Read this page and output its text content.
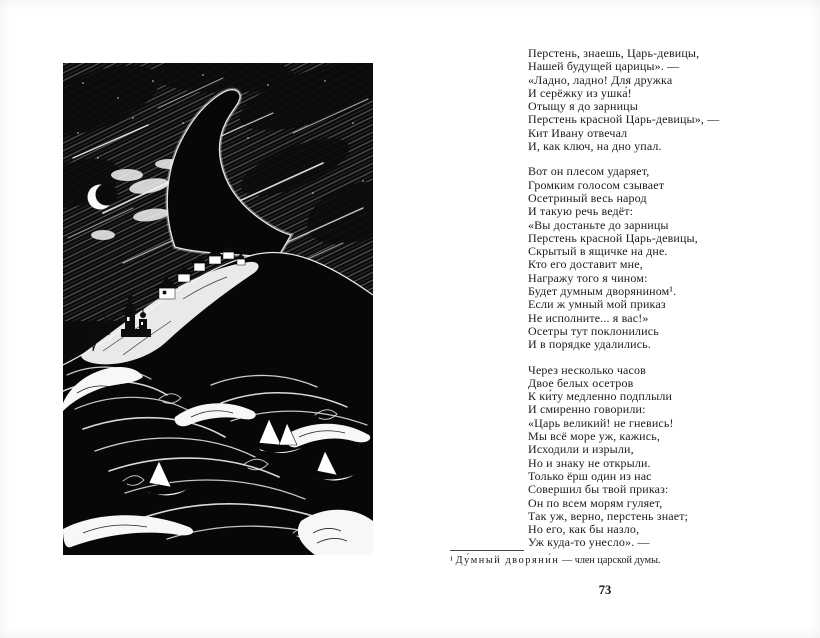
Перстень, знаешь, Царь-девицы,
Нашей будущей царицы». —
«Ладно, ладно! Для дружка
И серёжку из ушка́!
Отыщу я до зарницы
Перстень красной Царь-девицы», —
Кит Ивану отвечал
И, как ключ, на дно упал.
Вот он плесом ударяет,
Громким голосом сзывает
Осетриный весь народ
И такую речь ведёт:
«Вы достаньте до зарницы
Перстень красной Царь-девицы,
Скрытый в ящичке на дне.
Кто его доставит мне,
Награжу того я чином:
Будет думным дворянином¹.
Если ж умный мой приказ
Не исполните... я вас!»
Осетры тут поклонились
И в порядке удалились.
Через несколько часов
Двое белых осетров
К ки́ту медленно подплыли
И смиренно говорили:
«Царь великий! не гневись!
Мы всё море уж, кажись,
Исходили и изрыли,
Но и знаку не открыли.
Только ёрш один из нас
Совершил бы твой приказ:
Он по всем морям гуляет,
Так уж, верно, перстень знает;
Но его, как бы назло,
Уж куда-то унесло». —
¹ Ду́мный дворяни́н — член царской думы.
73
